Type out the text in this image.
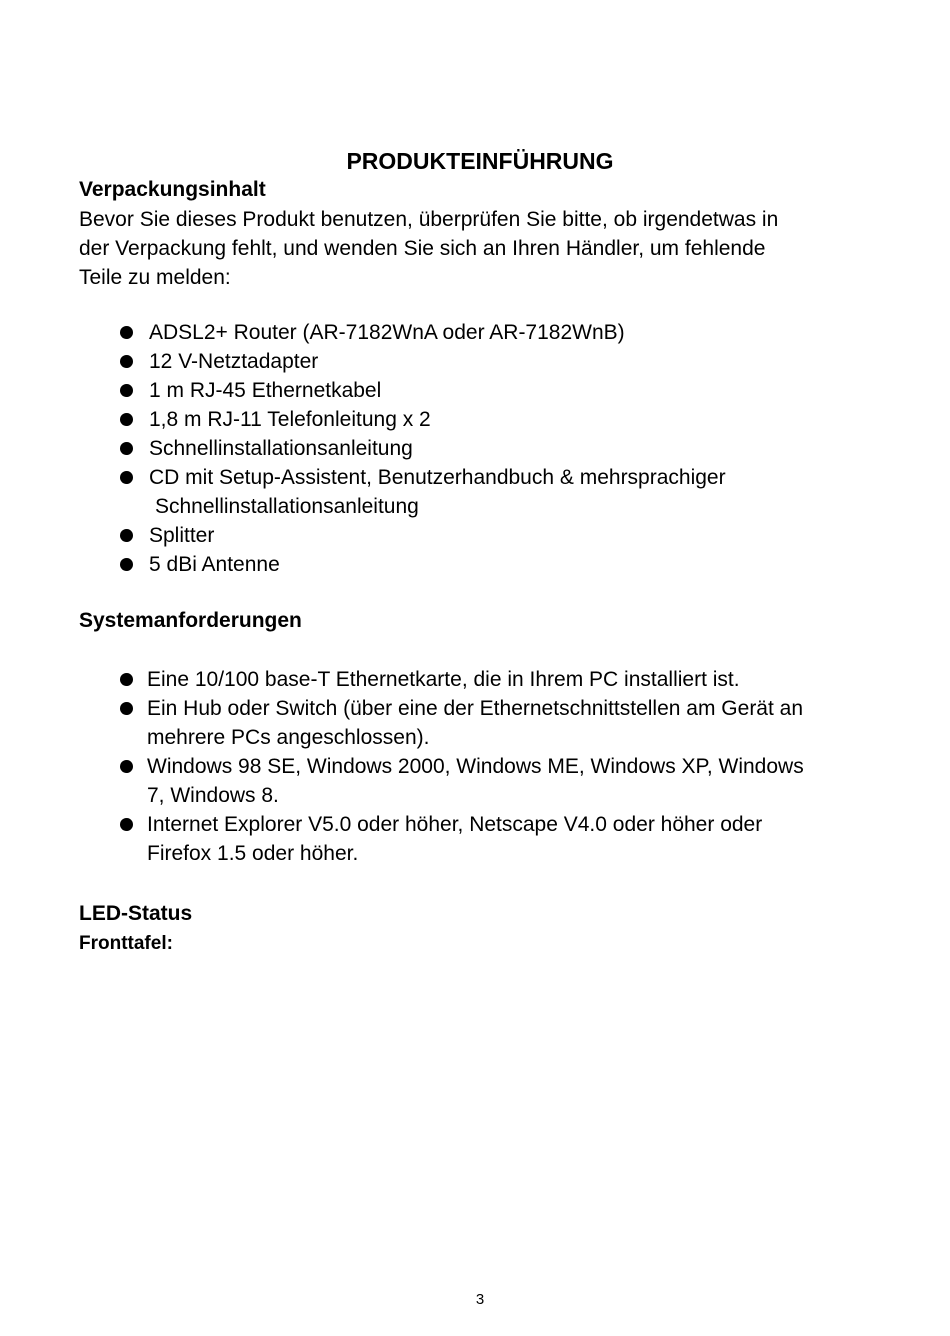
PRODUKTEINFÜHRUNG
Verpackungsinhalt

Bevor Sie dieses Produkt benutzen, überprüfen Sie bitte, ob irgendetwas in

der Verpackung fehlt, und wenden Sie sich an Ihren Händler, um fehlende

Teile zu melden:

ADSL2+ Router (AR-7182WnA oder AR-7182WnB)
12 V-Netztadapter
1 m RJ-45 Ethernetkabel
1,8 m RJ-11 Telefonleitung x 2
Schnellinstallationsanleitung
CD mit Setup-Assistent, Benutzerhandbuch & mehrsprachiger
Schnellinstallationsanleitung
Splitter
5 dBi Antenne
Systemanforderungen
Eine 10/100 base-T Ethernetkarte, die in Ihrem PC installiert ist.
Ein Hub oder Switch (über eine der Ethernetschnittstellen am Gerät an
mehrere PCs angeschlossen).
Windows 98 SE, Windows 2000, Windows ME, Windows XP, Windows
7, Windows 8.
Internet Explorer V5.0 oder höher, Netscape V4.0 oder höher oder
Firefox 1.5 oder höher.
LED-Status
Fronttafel:
3
